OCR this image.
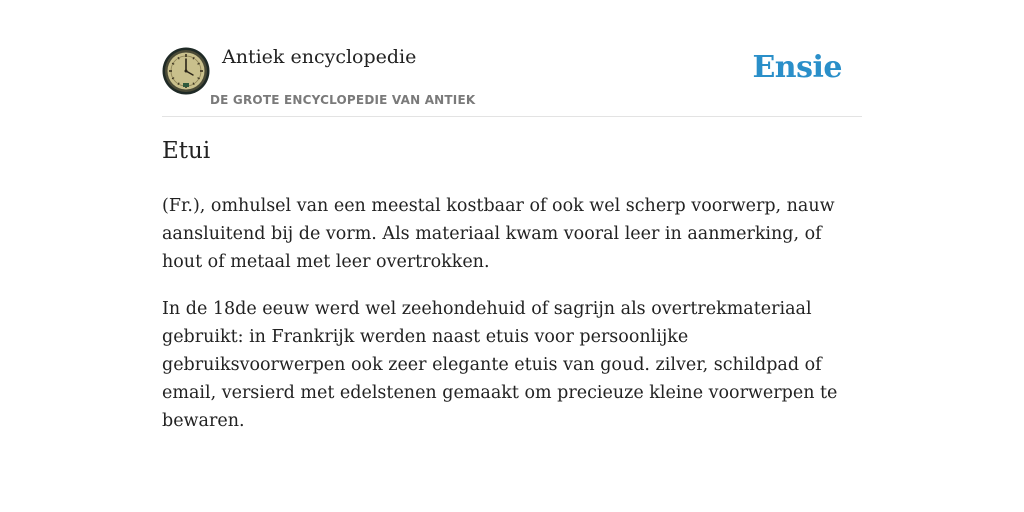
Antiek encyclopedie
DE GROTE ENCYCLOPEDIE VAN ANTIEK
Ensie
Etui

(Fr.), omhulsel van een meestal kostbaar of ook wel scherp voorwerp, nauw aansluitend bij de vorm. Als materiaal kwam vooral leer in aanmerking, of hout of metaal met leer overtrokken.

In de 18de eeuw werd wel zeehondehuid of sagrijn als overtrekmateriaal gebruikt: in Frankrijk werden naast etuis voor persoonlijke gebruiksvoorwerpen ook zeer elegante etuis van goud. zilver, schildpad of email, versierd met edelstenen gemaakt om precieuze kleine voorwerpen te bewaren.
